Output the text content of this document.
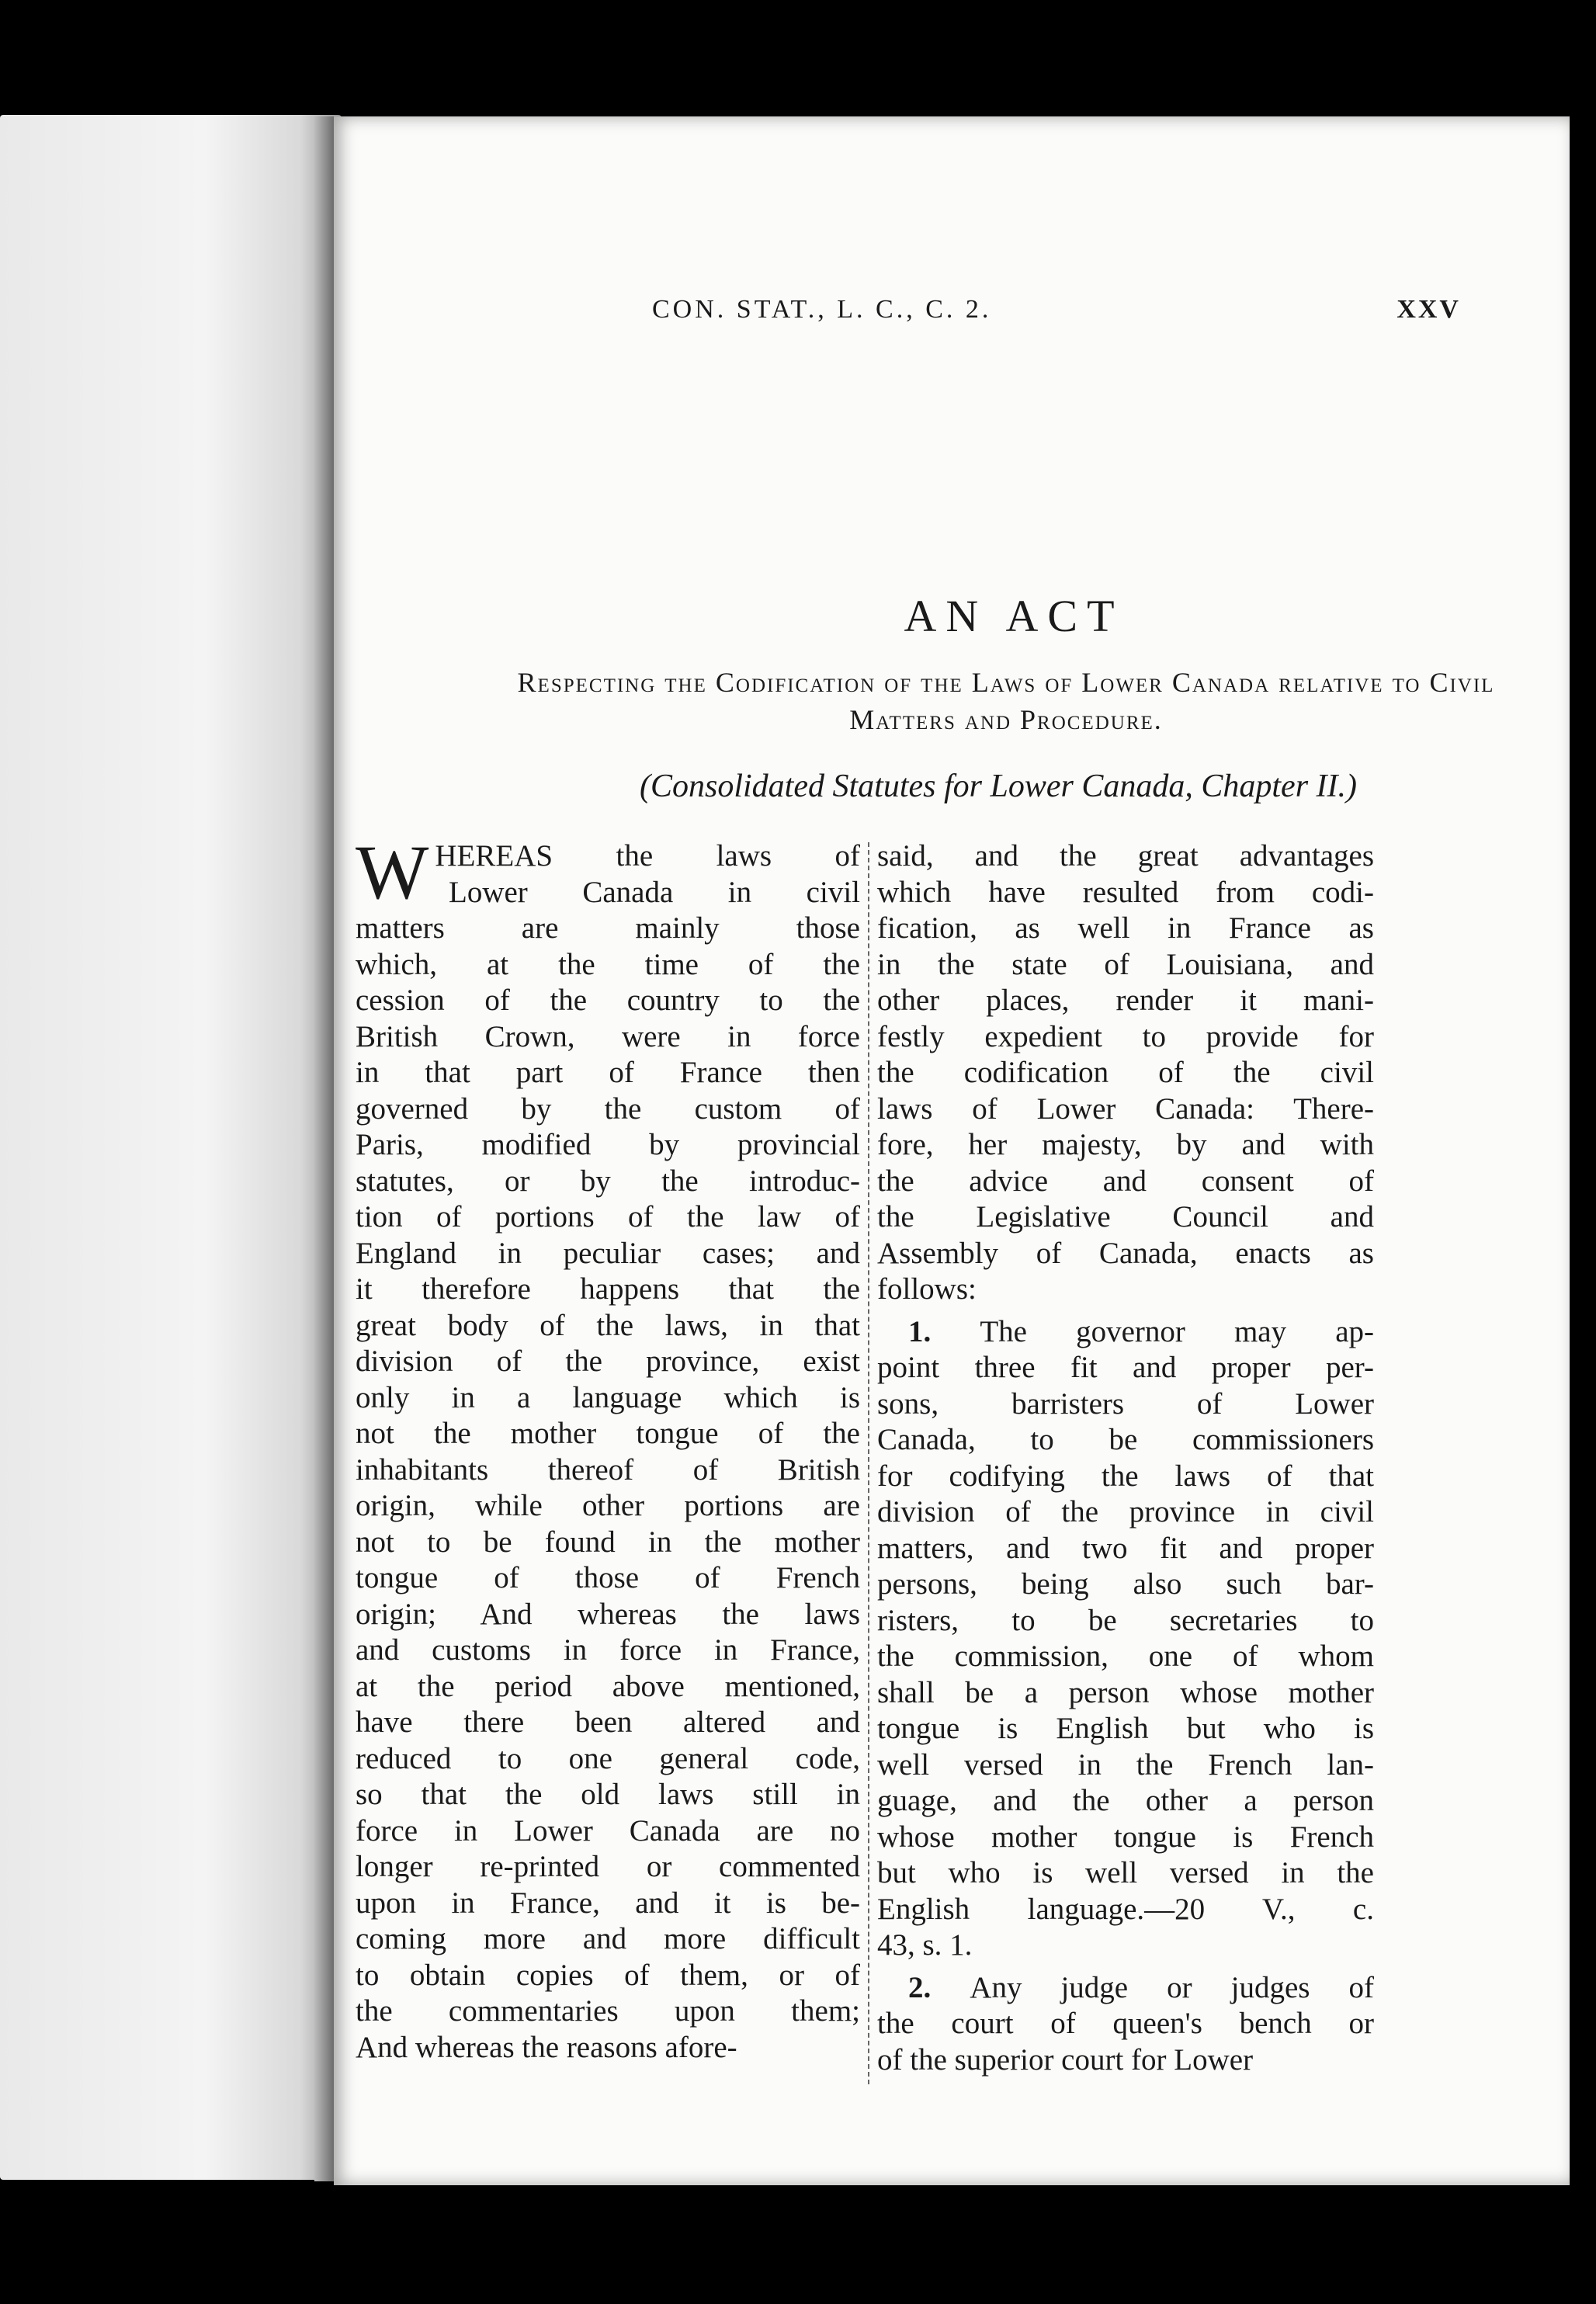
CON. STAT., L. C., C. 2.	XXV
AN ACT
Respecting the Codification of the Laws of Lower Canada relative to Civil Matters and Procedure.
(Consolidated Statutes for Lower Canada, Chapter II.)
W HEREAS the laws of
Lower Canada in civil
matters are mainly those
which, at the time of the
cession of the country to the
British Crown, were in force
in that part of France then
governed by the custom of
Paris, modified by provincial
statutes, or by the introduc-
tion of portions of the law of
England in peculiar cases; and
it therefore happens that the
great body of the laws, in that
division of the province, exist
only in a language which is
not the mother tongue of the
inhabitants thereof of British
origin, while other portions are
not to be found in the mother
tongue of those of French
origin; And whereas the laws
and customs in force in France,
at the period above mentioned,
have there been altered and
reduced to one general code,
so that the old laws still in
force in Lower Canada are no
longer re-printed or commented
upon in France, and it is be-
coming more and more difficult
to obtain copies of them, or of
the commentaries upon them;
And whereas the reasons afore-
said, and the great advantages
which have resulted from codi-
fication, as well in France as
in the state of Louisiana, and
other places, render it mani-
festly expedient to provide for
the codification of the civil
laws of Lower Canada: There-
fore, her majesty, by and with
the advice and consent of
the Legislative Council and
Assembly of Canada, enacts as
follows:
1. The governor may ap-
point three fit and proper per-
sons, barristers of Lower
Canada, to be commissioners
for codifying the laws of that
division of the province in civil
matters, and two fit and proper
persons, being also such bar-
risters, to be secretaries to
the commission, one of whom
shall be a person whose mother
tongue is English but who is
well versed in the French lan-
guage, and the other a person
whose mother tongue is French
but who is well versed in the
English language.—20 V., c.
43, s. 1.
2. Any judge or judges of
the court of queen's bench or
of the superior court for Lower
